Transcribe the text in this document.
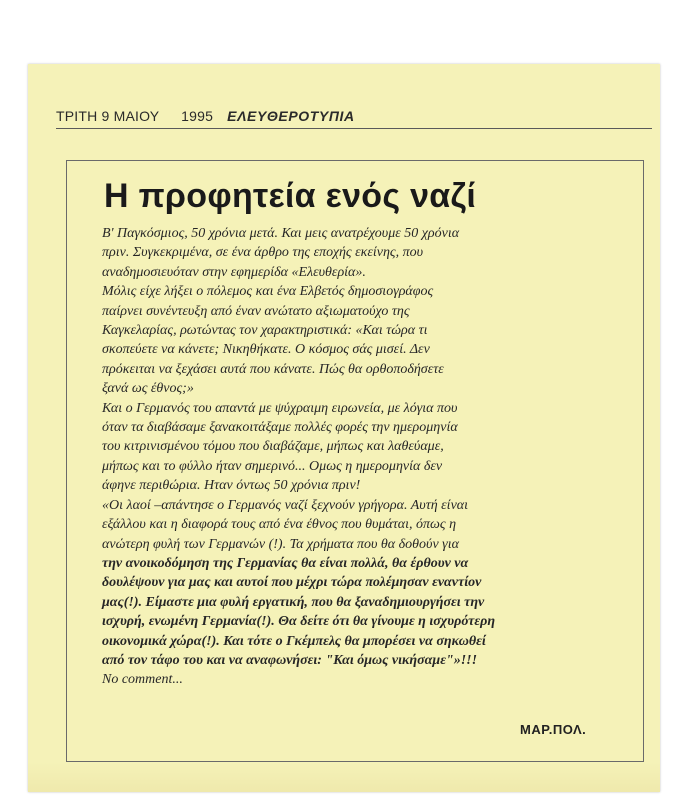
ΤΡΙΤΗ 9 ΜΑΙΟΥ 1995 ΕΛΕΥΘΕΡΟΤΥΠΙΑ
Η προφητεία ενός ναζί
Β' Παγκόσμιος, 50 χρόνια μετά. Και μεις ανατρέχουμε 50 χρόνια
πριν. Συγκεκριμένα, σε ένα άρθρο της εποχής εκείνης, που
αναδημοσιευόταν στην εφημερίδα «Ελευθερία».
Μόλις είχε λήξει ο πόλεμος και ένα Ελβετός δημοσιογράφος
παίρνει συνέντευξη από έναν ανώτατο αξιωματούχο της
Καγκελαρίας, ρωτώντας τον χαρακτηριστικά: «Και τώρα τι
σκοπεύετε να κάνετε; Νικηθήκατε. Ο κόσμος σάς μισεί. Δεν
πρόκειται να ξεχάσει αυτά που κάνατε. Πώς θα ορθοποδήσετε
ξανά ως έθνος;»
Και ο Γερμανός του απαντά με ψύχραιμη ειρωνεία, με λόγια που
όταν τα διαβάσαμε ξανακοιτάξαμε πολλές φορές την ημερομηνία
του κιτρινισμένου τόμου που διαβάζαμε, μήπως και λαθεύαμε,
μήπως και το φύλλο ήταν σημερινό... Ομως η ημερομηνία δεν
άφηνε περιθώρια. Ηταν όντως 50 χρόνια πριν!
«Οι λαοί –απάντησε ο Γερμανός ναζί ξεχνούν γρήγορα. Αυτή είναι
εξάλλου και η διαφορά τους από ένα έθνος που θυμάται, όπως η
ανώτερη φυλή των Γερμανών (!). Τα χρήματα που θα δοθούν για
την ανοικοδόμηση της Γερμανίας θα είναι πολλά, θα έρθουν να
δουλέψουν για μας και αυτοί που μέχρι τώρα πολέμησαν εναντίον
μας(!). Είμαστε μια φυλή εργατική, που θα ξαναδημιουργήσει την
ισχυρή, ενωμένη Γερμανία(!). Θα δείτε ότι θα γίνουμε η ισχυρότερη
οικονομικά χώρα(!). Και τότε ο Γκέμπελς θα μπορέσει να σηκωθεί
από τον τάφο του και να αναφωνήσει: "Και όμως νικήσαμε"»!!!
No comment...
ΜΑΡ.ΠΟΛ.
